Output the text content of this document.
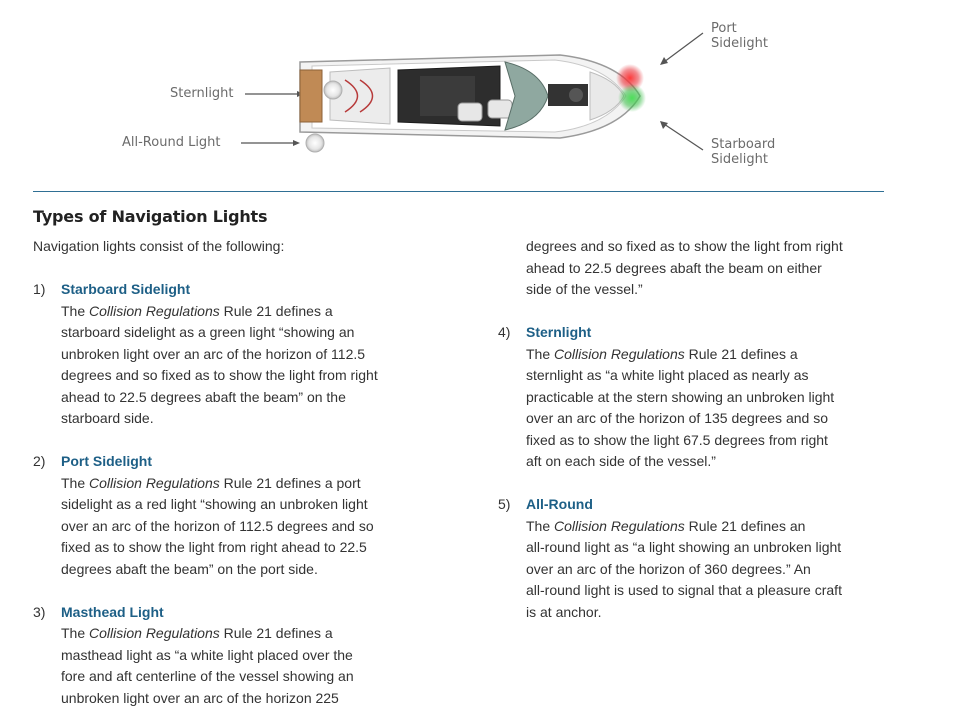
Sternlight
All-Round Light
Port
Sidelight
Starboard
Sidelight
Types of Navigation Lights
Navigation lights consist of the following:
1)	Starboard Sidelight
The Collision Regulations Rule 21 defines a
starboard sidelight as a green light “showing an
unbroken light over an arc of the horizon of 112.5
degrees and so fixed as to show the light from right
ahead to 22.5 degrees abaft the beam” on the
starboard side.
2)	Port Sidelight
The Collision Regulations Rule 21 defines a port
sidelight as a red light “showing an unbroken light
over an arc of the horizon of 112.5 degrees and so
fixed as to show the light from right ahead to 22.5
degrees abaft the beam” on the port side.
3)	Masthead Light
The Collision Regulations Rule 21 defines a
masthead light as “a white light placed over the
fore and aft centerline of the vessel showing an
unbroken light over an arc of the horizon 225
degrees and so fixed as to show the light from right
ahead to 22.5 degrees abaft the beam on either
side of the vessel.”
4)	Sternlight
The Collision Regulations Rule 21 defines a
sternlight as “a white light placed as nearly as
practicable at the stern showing an unbroken light
over an arc of the horizon of 135 degrees and so
fixed as to show the light 67.5 degrees from right
aft on each side of the vessel.”
5)	All-Round
The Collision Regulations Rule 21 defines an
all-round light as “a light showing an unbroken light
over an arc of the horizon of 360 degrees.” An
all-round light is used to signal that a pleasure craft
is at anchor.
